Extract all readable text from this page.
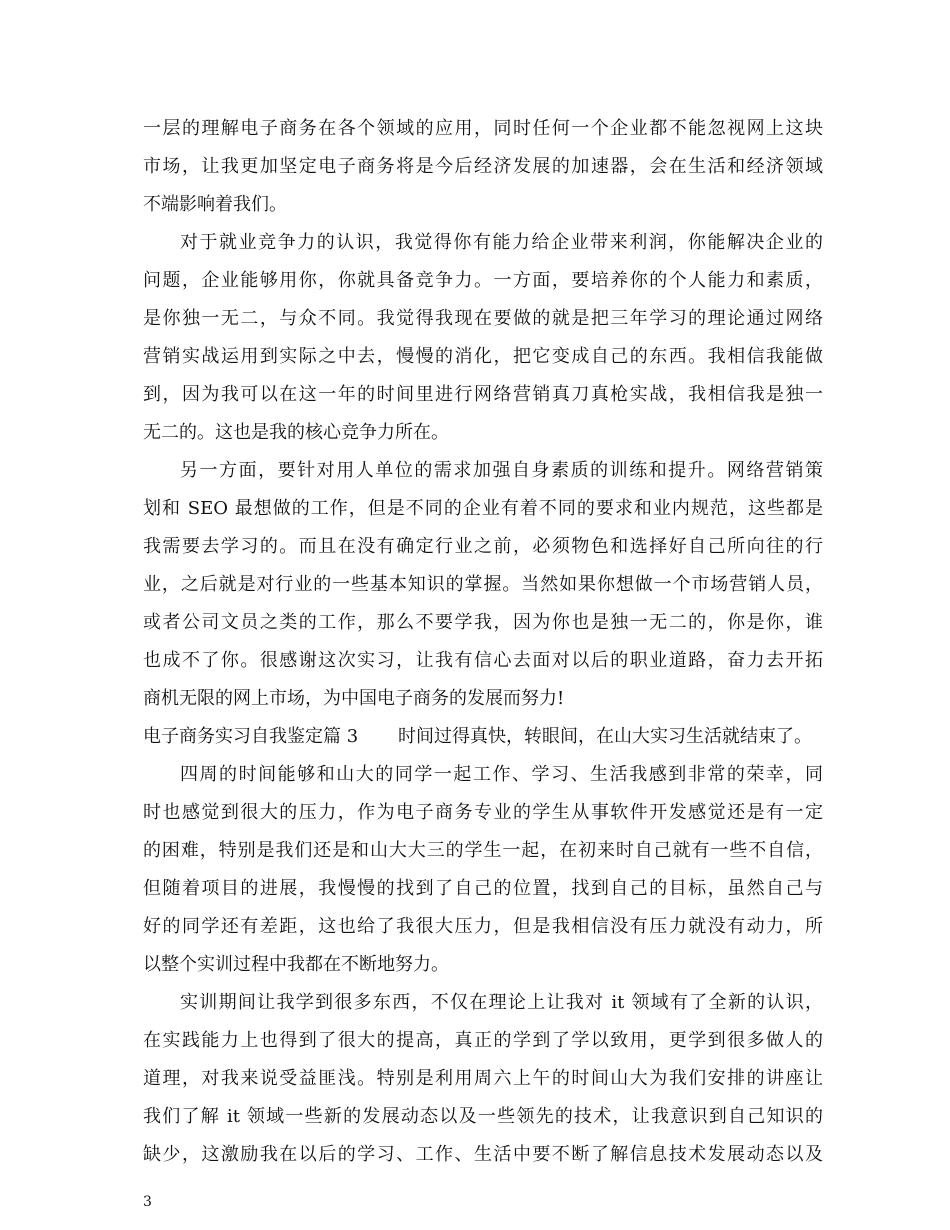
一层的理解电子商务在各个领域的应用，同时任何一个企业都不能忽视网上这块
市场，让我更加坚定电子商务将是今后经济发展的加速器，会在生活和经济领域
不端影响着我们。
对于就业竞争力的认识，我觉得你有能力给企业带来利润，你能解决企业的
问题，企业能够用你，你就具备竞争力。一方面，要培养你的个人能力和素质，
是你独一无二，与众不同。我觉得我现在要做的就是把三年学习的理论通过网络
营销实战运用到实际之中去，慢慢的消化，把它变成自己的东西。我相信我能做
到，因为我可以在这一年的时间里进行网络营销真刀真枪实战，我相信我是独一
无二的。这也是我的核心竞争力所在。
另一方面，要针对用人单位的需求加强自身素质的训练和提升。网络营销策
划和 SEO 最想做的工作，但是不同的企业有着不同的要求和业内规范，这些都是
我需要去学习的。而且在没有确定行业之前，必须物色和选择好自己所向往的行
业，之后就是对行业的一些基本知识的掌握。当然如果你想做一个市场营销人员，
或者公司文员之类的工作，那么不要学我，因为你也是独一无二的，你是你，谁
也成不了你。很感谢这次实习，让我有信心去面对以后的职业道路，奋力去开拓
商机无限的网上市场，为中国电子商务的发展而努力!
电子商务实习自我鉴定篇 3 时间过得真快，转眼间，在山大实习生活就结束了。
四周的时间能够和山大的同学一起工作、学习、生活我感到非常的荣幸，同
时也感觉到很大的压力，作为电子商务专业的学生从事软件开发感觉还是有一定
的困难，特别是我们还是和山大大三的学生一起，在初来时自己就有一些不自信，
但随着项目的进展，我慢慢的找到了自己的位置，找到自己的目标，虽然自己与
好的同学还有差距，这也给了我很大压力，但是我相信没有压力就没有动力，所
以整个实训过程中我都在不断地努力。
实训期间让我学到很多东西，不仅在理论上让我对 it 领域有了全新的认识，
在实践能力上也得到了很大的提高，真正的学到了学以致用，更学到很多做人的
道理，对我来说受益匪浅。特别是利用周六上午的时间山大为我们安排的讲座让
我们了解 it 领域一些新的发展动态以及一些领先的技术，让我意识到自己知识的
缺少，这激励我在以后的学习、工作、生活中要不断了解信息技术发展动态以及
3
